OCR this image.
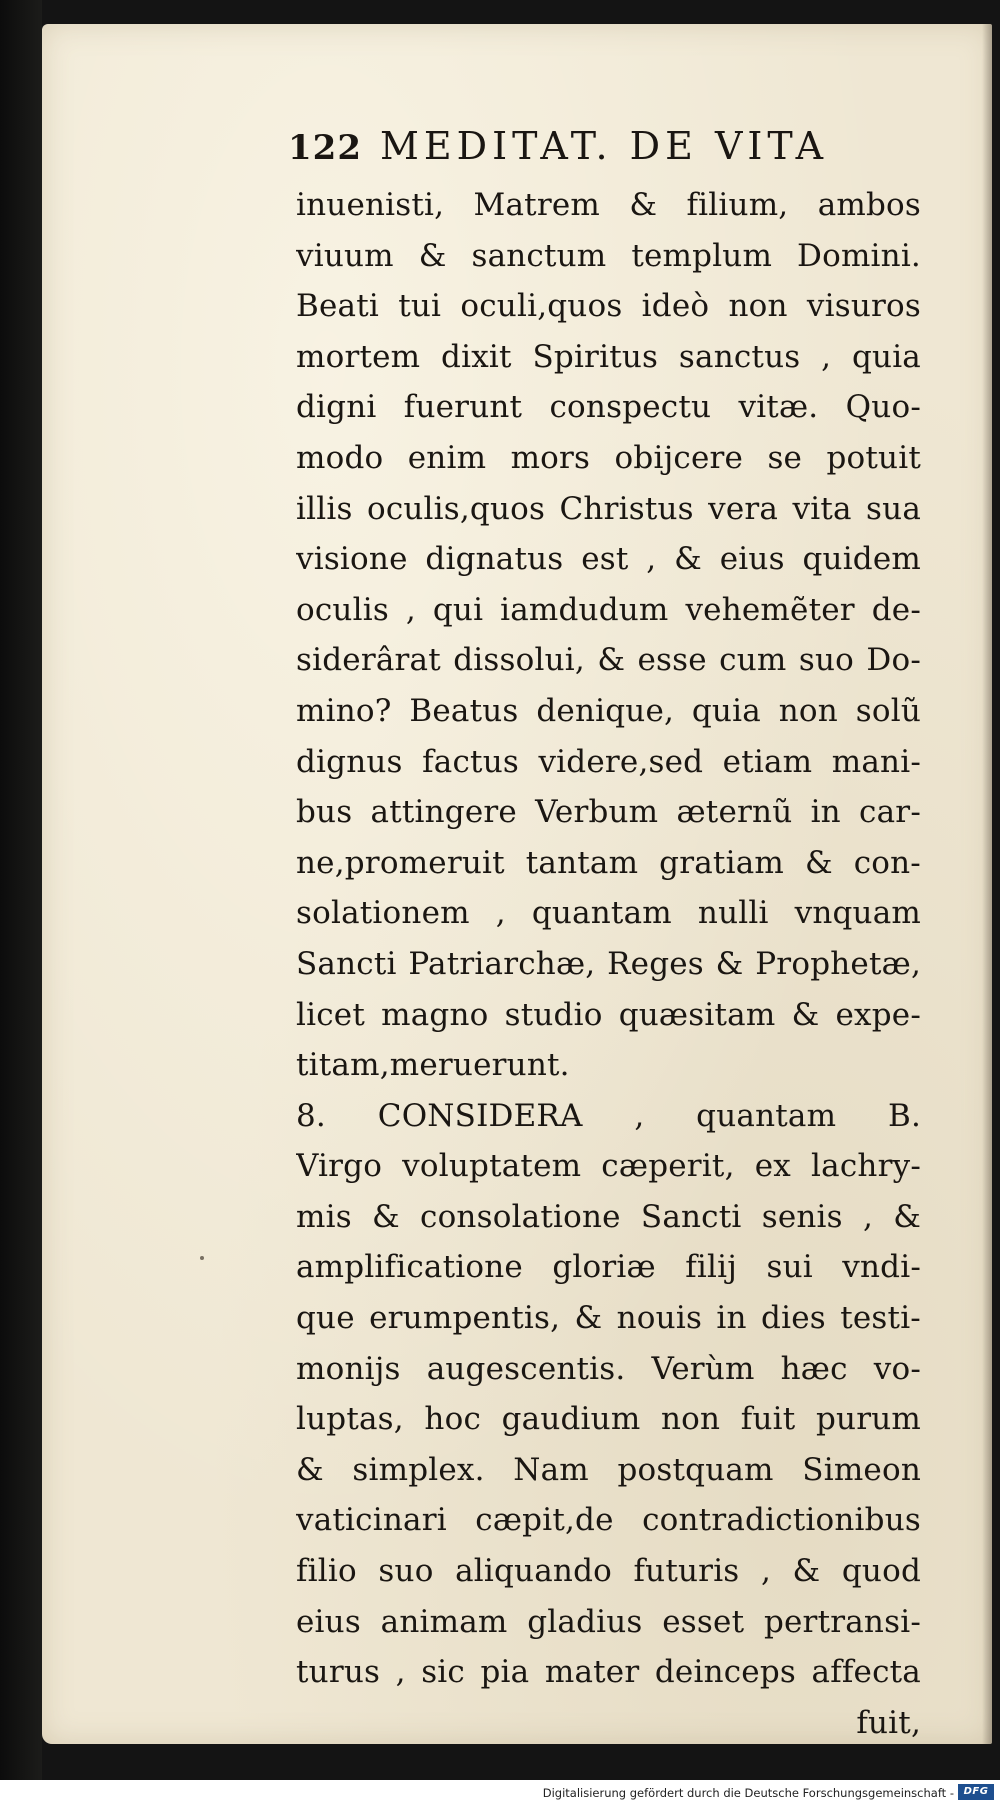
122 MEDITAT. DE VITA
inuenisti, Matrem & filium, ambos
viuum & sanctum templum Domini.
Beati tui oculi,quos ideò non visuros
mortem dixit Spiritus sanctus , quia
digni fuerunt conspectu vitæ. Quo-
modo enim mors obijcere se potuit
illis oculis,quos Christus vera vita sua
visione dignatus est , & eius quidem
oculis , qui iamdudum vehemẽter de-
siderârat dissolui, & esse cum suo Do-
mino? Beatus denique, quia non solũ
dignus factus videre,sed etiam mani-
bus attingere Verbum æternũ in car-
ne,promeruit tantam gratiam & con-
solationem , quantam nulli vnquam
Sancti Patriarchæ, Reges & Prophetæ,
licet magno studio quæsitam & expe-
titam,meruerunt.
8. CONSIDERA , quantam B.
Virgo voluptatem cæperit, ex lachry-
mis & consolatione Sancti senis , &
amplificatione gloriæ filij sui vndi-
que erumpentis, & nouis in dies testi-
monijs augescentis. Verùm hæc vo-
luptas, hoc gaudium non fuit purum
& simplex. Nam postquam Simeon
vaticinari cæpit,de contradictionibus
filio suo aliquando futuris , & quod
eius animam gladius esset pertransi-
turus , sic pia mater deinceps affecta
fuit,
Digitalisierung gefördert durch die Deutsche Forschungsgemeinschaft - DFG
